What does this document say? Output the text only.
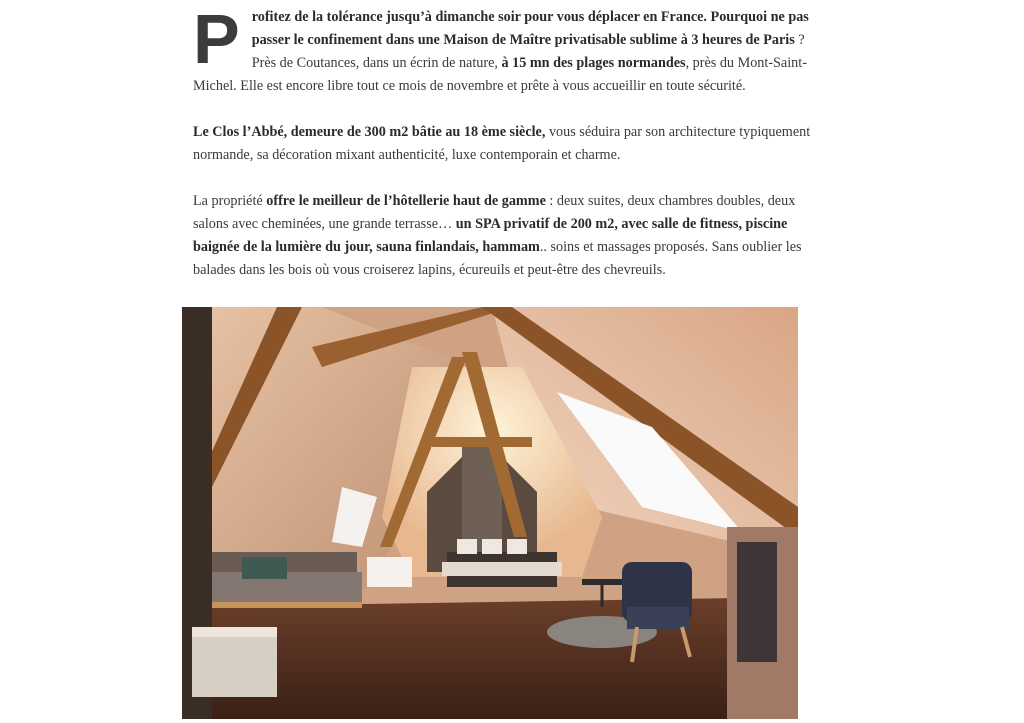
Profitez de la tolérance jusqu’à dimanche soir pour vous déplacer en France. Pourquoi ne pas passer le confinement dans une Maison de Maître privatisable sublime à 3 heures de Paris ? Près de Coutances, dans un écrin de nature, à 15 mn des plages normandes, près du Mont-Saint-Michel. Elle est encore libre tout ce mois de novembre et prête à vous accueillir en toute sécurité.

Le Clos l’Abbé, demeure de 300 m2 bâtie au 18 ème siècle, vous séduira par son architecture typiquement normande, sa décoration mixant authenticité, luxe contemporain et charme.

La propriété offre le meilleur de l’hôtellerie haut de gamme : deux suites, deux chambres doubles, deux salons avec cheminées, une grande terrasse… un SPA privatif de 200 m2, avec salle de fitness, piscine baignée de la lumière du jour, sauna finlandais, hammam.. soins et massages proposés. Sans oublier les balades dans les bois où vous croiserez lapins, écureuils et peut-être des chevreuils.
